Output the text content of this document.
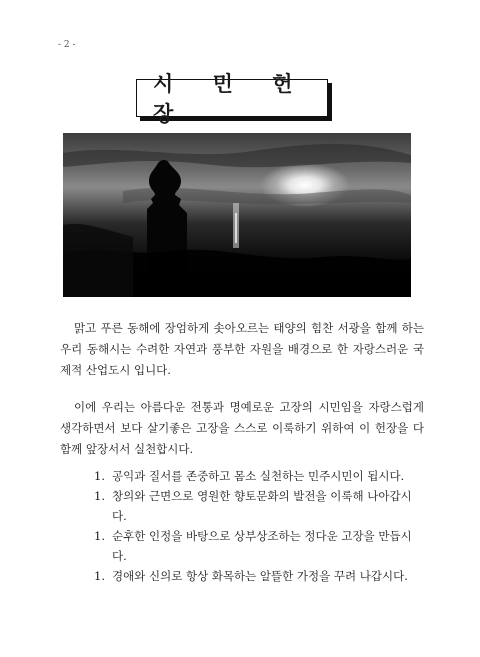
- 2 -
시 민 헌 장
맑고 푸른 동해에 장엄하게 솟아오르는 태양의 힘찬 서광을 함께 하는 우리 동해시는 수려한 자연과 풍부한 자원을 배경으로 한 자랑스러운 국제적 산업도시 입니다.
이에 우리는 아름다운 전통과 명예로운 고장의 시민임을 자랑스럽게 생각하면서 보다 살기좋은 고장을 스스로 이룩하기 위하여 이 헌장을 다함께 앞장서서 실천합시다.
1. 공익과 질서를 존중하고 몸소 실천하는 민주시민이 됩시다.
1. 창의와 근면으로 영원한 향토문화의 발전을 이룩해 나아갑시다.
1. 순후한 인정을 바탕으로 상부상조하는 정다운 고장을 만듭시다.
1. 경애와 신의로 항상 화목하는 알뜰한 가정을 꾸려 나갑시다.
